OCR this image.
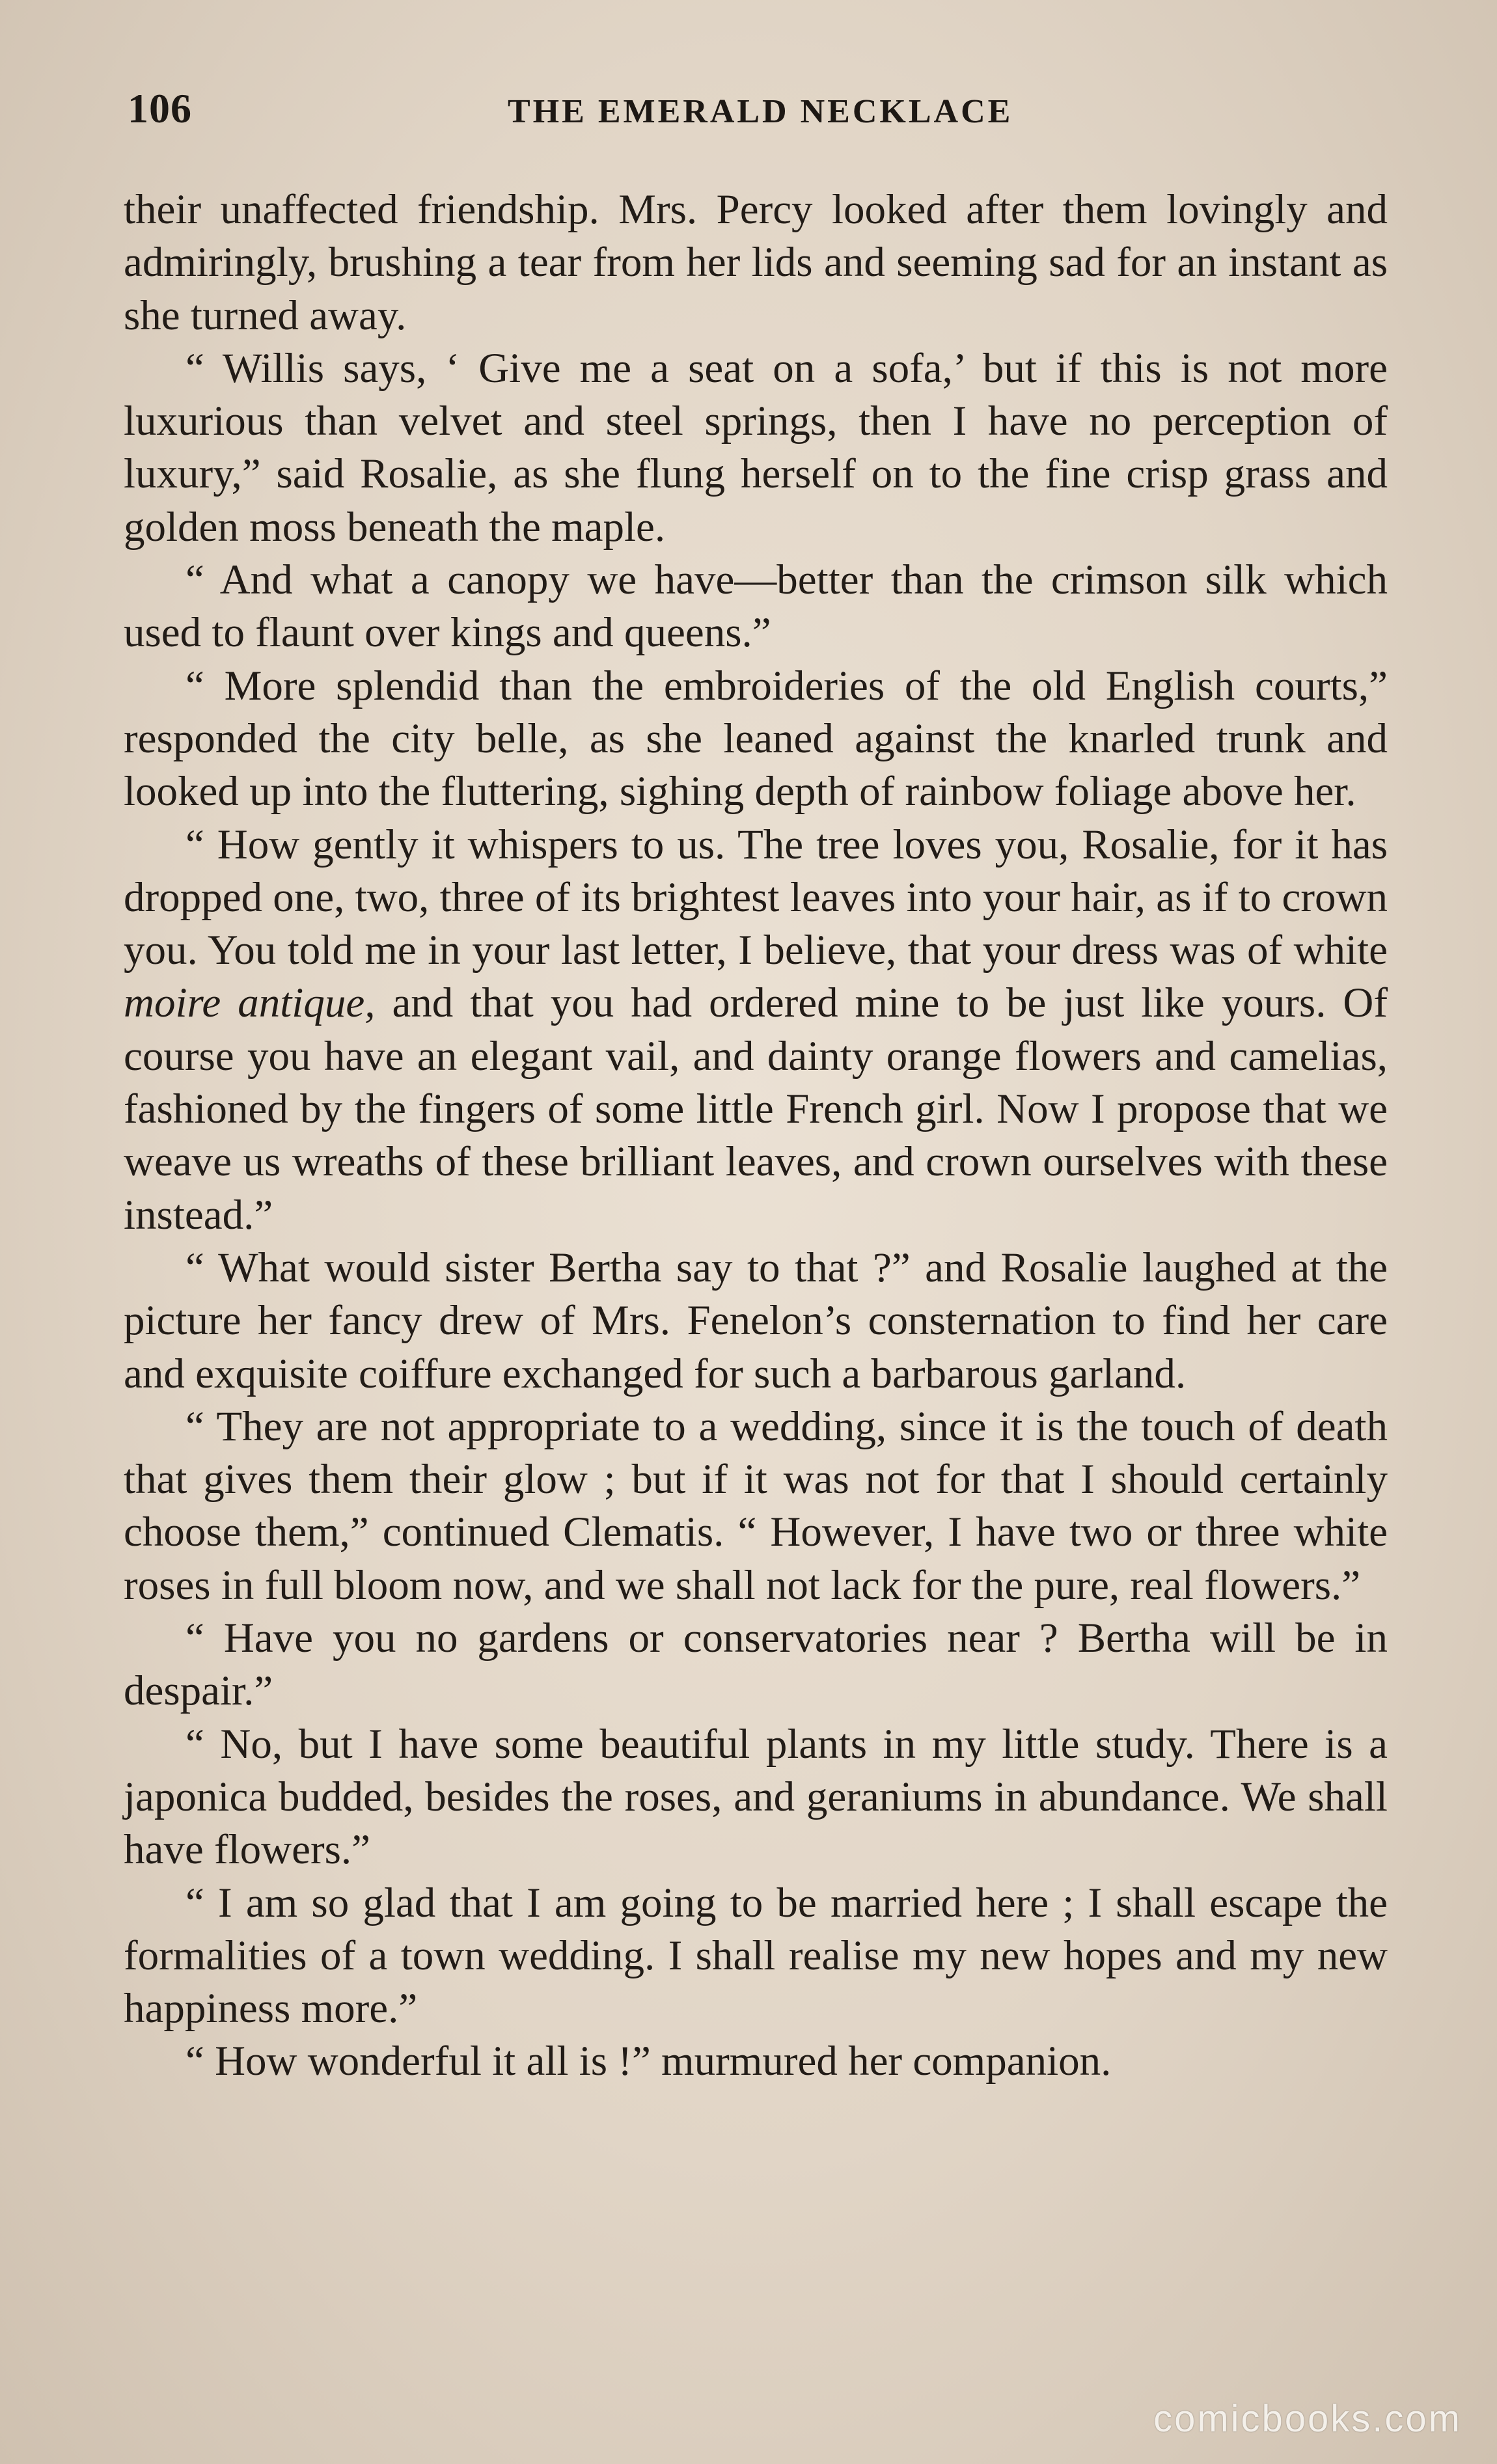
106	THE EMERALD NECKLACE

their unaffected friendship. Mrs. Percy looked after them lovingly and admiringly, brushing a tear from her lids and seeming sad for an instant as she turned away.

“ Willis says, ‘ Give me a seat on a sofa,’ but if this is not more luxurious than velvet and steel springs, then I have no perception of luxury,” said Rosalie, as she flung herself on to the fine crisp grass and golden moss beneath the maple.

“ And what a canopy we have—better than the crimson silk which used to flaunt over kings and queens.”

“ More splendid than the embroideries of the old English courts,” responded the city belle, as she leaned against the knarled trunk and looked up into the fluttering, sighing depth of rainbow foliage above her.

“ How gently it whispers to us. The tree loves you, Rosalie, for it has dropped one, two, three of its brightest leaves into your hair, as if to crown you. You told me in your last letter, I believe, that your dress was of white moire antique, and that you had ordered mine to be just like yours. Of course you have an elegant vail, and dainty orange flowers and camelias, fashioned by the fingers of some little French girl. Now I propose that we weave us wreaths of these brilliant leaves, and crown ourselves with these instead.”

“ What would sister Bertha say to that ?” and Rosalie laughed at the picture her fancy drew of Mrs. Fenelon’s consternation to find her care and exquisite coiffure exchanged for such a barbarous garland.

“ They are not appropriate to a wedding, since it is the touch of death that gives them their glow ; but if it was not for that I should certainly choose them,” continued Clematis. “ However, I have two or three white roses in full bloom now, and we shall not lack for the pure, real flowers.”

“ Have you no gardens or conservatories near ? Bertha will be in despair.”

“ No, but I have some beautiful plants in my little study. There is a japonica budded, besides the roses, and geraniums in abundance. We shall have flowers.”

“ I am so glad that I am going to be married here ; I shall escape the formalities of a town wedding. I shall realise my new hopes and my new happiness more.”

“ How wonderful it all is !” murmured her companion.

comicbooks.com
